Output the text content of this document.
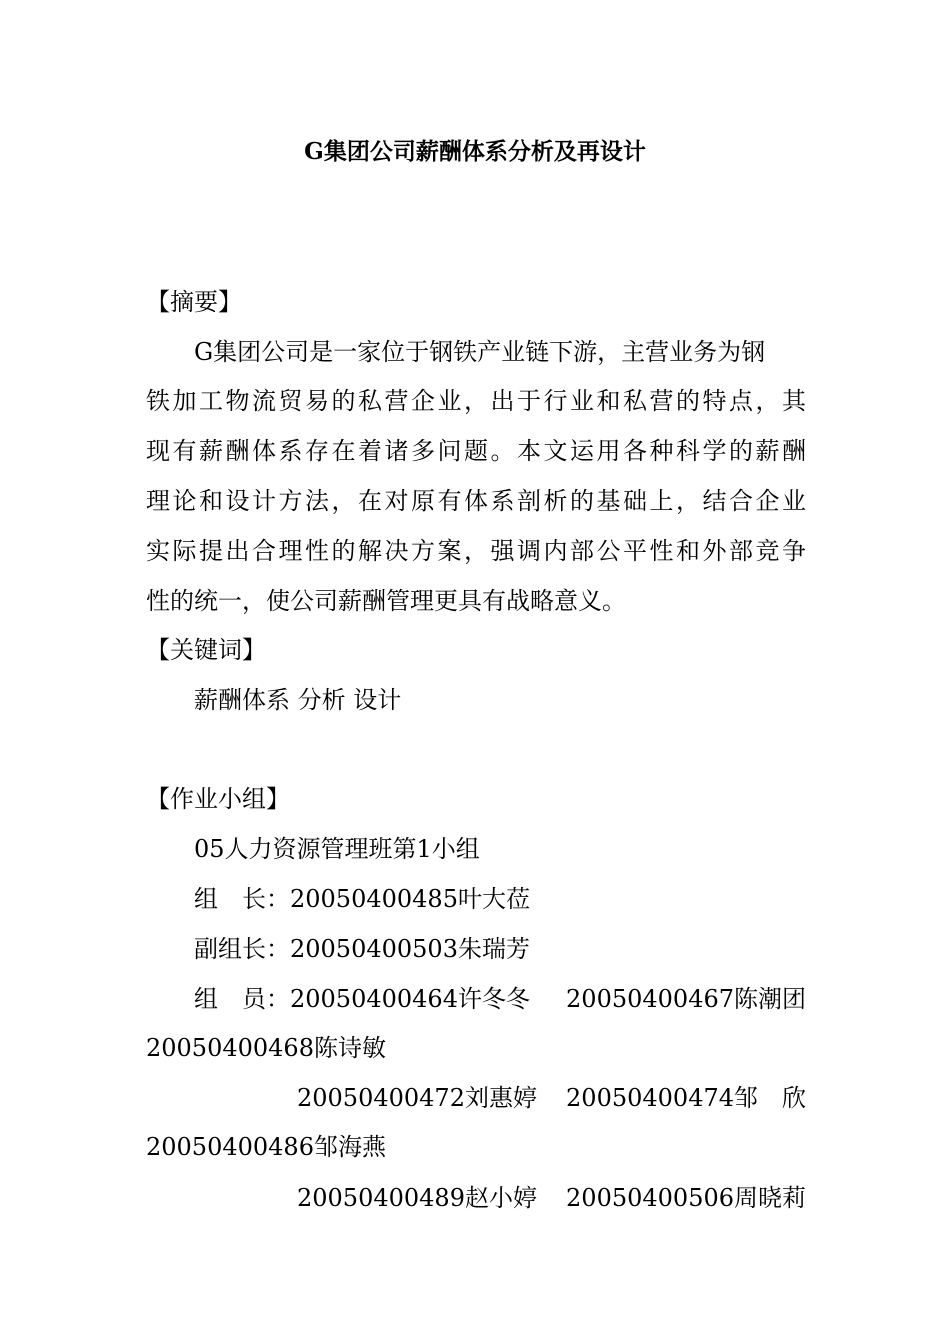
G集团公司薪酬体系分析及再设计
【摘要】
G集团公司是一家位于钢铁产业链下游，主营业务为钢
铁加工物流贸易的私营企业，出于行业和私营的特点，其
现有薪酬体系存在着诸多问题。本文运用各种科学的薪酬
理论和设计方法，在对原有体系剖析的基础上，结合企业
实际提出合理性的解决方案，强调内部公平性和外部竞争
性的统一，使公司薪酬管理更具有战略意义。
【关键词】
薪酬体系 分析 设计
【作业小组】
05人力资源管理班第1小组
组　长：20050400485叶大莅
副组长：20050400503朱瑞芳
组　员：20050400464许冬冬 20050400467陈潮团
20050400468陈诗敏
20050400472刘惠婷 20050400474邹　欣
20050400486邹海燕
20050400489赵小婷 20050400506周晓莉
